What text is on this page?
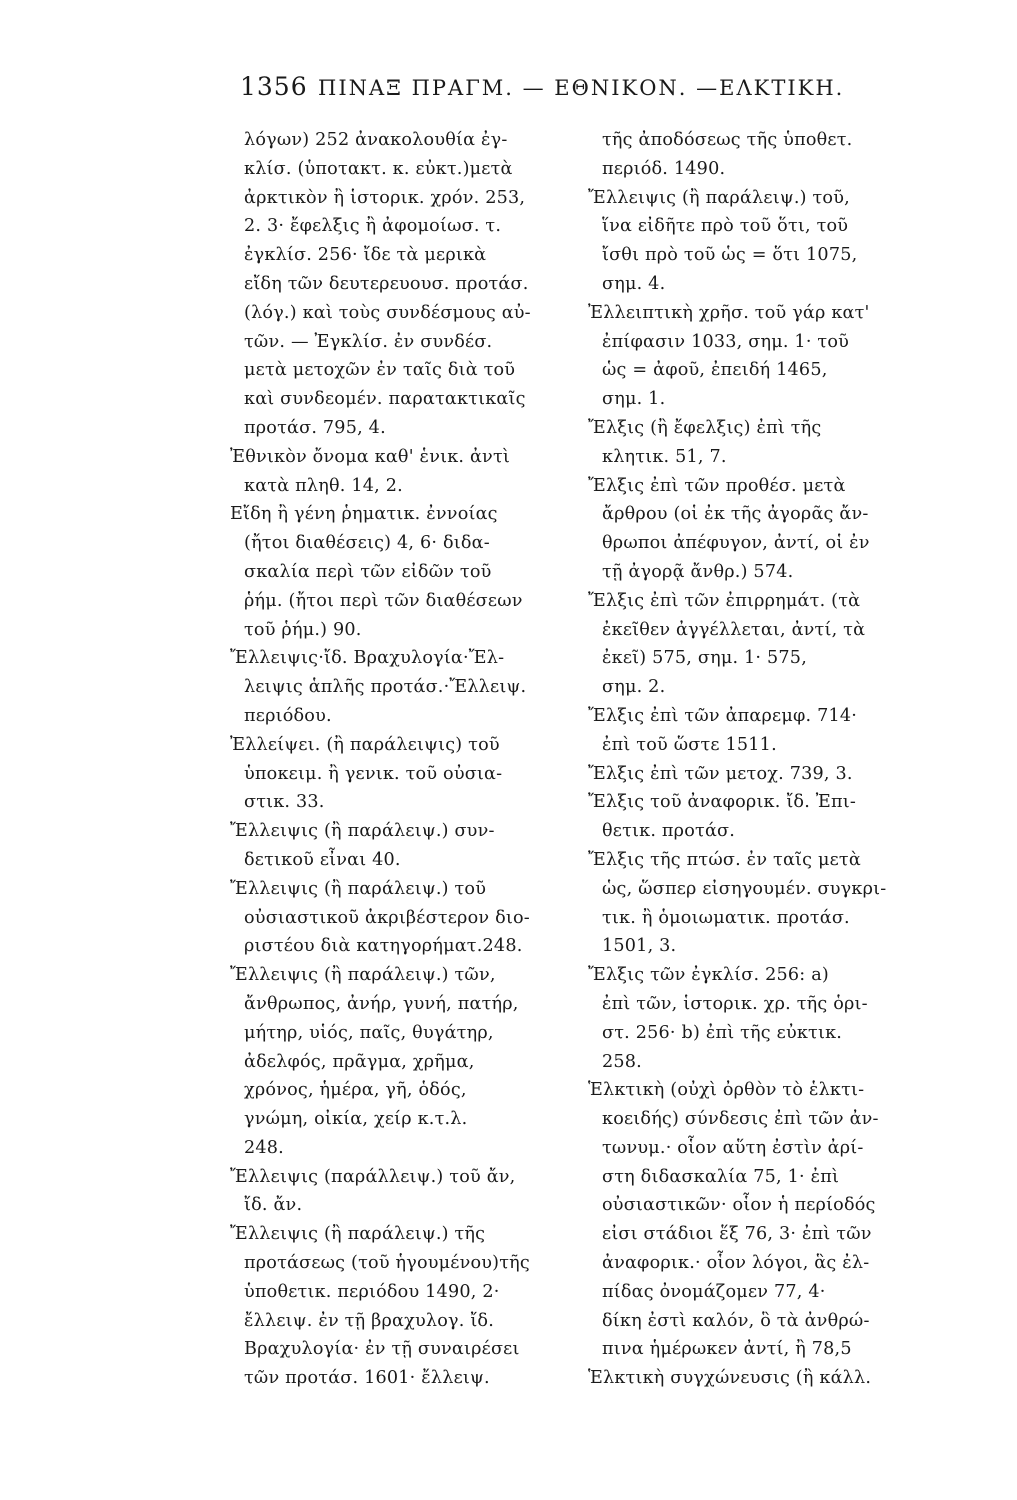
1356 ΠΙΝΑΞ ΠΡΑΓΜ. — ΕΘΝΙΚΟΝ. —ΕΛΚΤΙΚΗ.
λόγων) 252 ἀνακολουθία ἐγ-
κλίσ. (ὑποτακτ. κ. εὐκτ.)μετὰ
ἀρκτικὸν ἢ ἱστορικ. χρόν. 253,
2. 3· ἔφελξις ἢ ἀφομοίωσ. τ.
ἐγκλίσ. 256· ἴδε τὰ μερικὰ
εἴδη τῶν δευτερευουσ. προτάσ.
(λόγ.) καὶ τοὺς συνδέσμους αὐ-
τῶν. — Ἐγκλίσ. ἐν συνδέσ.
μετὰ μετοχῶν ἐν ταῖς διὰ τοῦ
καὶ συνδεομέν. παρατακτικαῖς
προτάσ. 795, 4.
Ἐθνικὸν ὄνομα καθ' ἑνικ. ἀντὶ
κατὰ πληθ. 14, 2.
Εἴδη ἢ γένη ῥηματικ. ἐννοίας
(ἤτοι διαθέσεις) 4, 6· διδα-
σκαλία περὶ τῶν εἰδῶν τοῦ
ῥήμ. (ἤτοι περὶ τῶν διαθέσεων
τοῦ ῥήμ.) 90.
Ἔλλειψις·ἴδ. Βραχυλογία·Ἔλ-
λειψις ἁπλῆς προτάσ.·Ἔλλειψ.
περιόδου.
Ἐλλείψει. (ἢ παράλειψις) τοῦ
ὑποκειμ. ἢ γενικ. τοῦ οὐσια-
στικ. 33.
Ἔλλειψις (ἢ παράλειψ.) συν-
δετικοῦ εἶναι 40.
Ἔλλειψις (ἢ παράλειψ.) τοῦ
οὐσιαστικοῦ ἀκριβέστερον διο-
ριστέου διὰ κατηγορήματ.248.
Ἔλλειψις (ἢ παράλειψ.) τῶν,
ἄνθρωπος, ἀνήρ, γυνή, πατήρ,
μήτηρ, υἱός, παῖς, θυγάτηρ,
ἀδελφός, πρᾶγμα, χρῆμα,
χρόνος, ἡμέρα, γῆ, ὁδός,
γνώμη, οἰκία, χείρ κ.τ.λ.
248.
Ἔλλειψις (παράλλειψ.) τοῦ ἄν,
ἴδ. ἄν.
Ἔλλειψις (ἢ παράλειψ.) τῆς
προτάσεως (τοῦ ἡγουμένου)τῆς
ὑποθετικ. περιόδου 1490, 2·
ἔλλειψ. ἐν τῇ βραχυλογ. ἴδ.
Βραχυλογία· ἐν τῇ συναιρέσει
τῶν προτάσ. 1601· ἔλλειψ.
τῆς ἀποδόσεως τῆς ὑποθετ.
περιόδ. 1490.
Ἔλλειψις (ἢ παράλειψ.) τοῦ,
ἵνα εἰδῆτε πρὸ τοῦ ὅτι, τοῦ
ἴσθι πρὸ τοῦ ὡς = ὅτι 1075,
σημ. 4.
Ἐλλειπτικὴ χρῆσ. τοῦ γάρ κατ'
ἐπίφασιν 1033, σημ. 1· τοῦ
ὡς = ἀφοῦ, ἐπειδή 1465,
σημ. 1.
Ἔλξις (ἢ ἔφελξις) ἐπὶ τῆς
κλητικ. 51, 7.
Ἔλξις ἐπὶ τῶν προθέσ. μετὰ
ἄρθρου (οἱ ἐκ τῆς ἀγορᾶς ἄν-
θρωποι ἀπέφυγον, ἀντί, οἱ ἐν
τῇ ἀγορᾷ ἄνθρ.) 574.
Ἔλξις ἐπὶ τῶν ἐπιρρημάτ. (τὰ
ἐκεῖθεν ἀγγέλλεται, ἀντί, τὰ
ἐκεῖ) 575, σημ. 1· 575,
σημ. 2.
Ἔλξις ἐπὶ τῶν ἀπαρεμφ. 714·
ἐπὶ τοῦ ὥστε 1511.
Ἔλξις ἐπὶ τῶν μετοχ. 739, 3.
Ἔλξις τοῦ ἀναφορικ. ἴδ. Ἐπι-
θετικ. προτάσ.
Ἔλξις τῆς πτώσ. ἐν ταῖς μετὰ
ὡς, ὥσπερ εἰσηγουμέν. συγκρι-
τικ. ἢ ὁμοιωματικ. προτάσ.
1501, 3.
Ἔλξις τῶν ἐγκλίσ. 256: a)
ἐπὶ τῶν, ἱστορικ. χρ. τῆς ὁρι-
στ. 256· b) ἐπὶ τῆς εὐκτικ.
258.
Ἑλκτικὴ (οὐχὶ ὀρθὸν τὸ ἑλκτι-
κοειδής) σύνδεσις ἐπὶ τῶν ἀν-
τωνυμ.· οἷον αὕτη ἐστὶν ἀρί-
στη διδασκαλία 75, 1· ἐπὶ
οὐσιαστικῶν· οἷον ἡ περίοδός
εἰσι στάδιοι ἕξ 76, 3· ἐπὶ τῶν
ἀναφορικ.· οἷον λόγοι, ἃς ἐλ-
πίδας ὀνομάζομεν 77, 4·
δίκη ἐστὶ καλόν, ὃ τὰ ἀνθρώ-
πινα ἡμέρωκεν ἀντί, ἢ 78,5
Ἑλκτικὴ συγχώνευσις (ἢ κάλλ.
